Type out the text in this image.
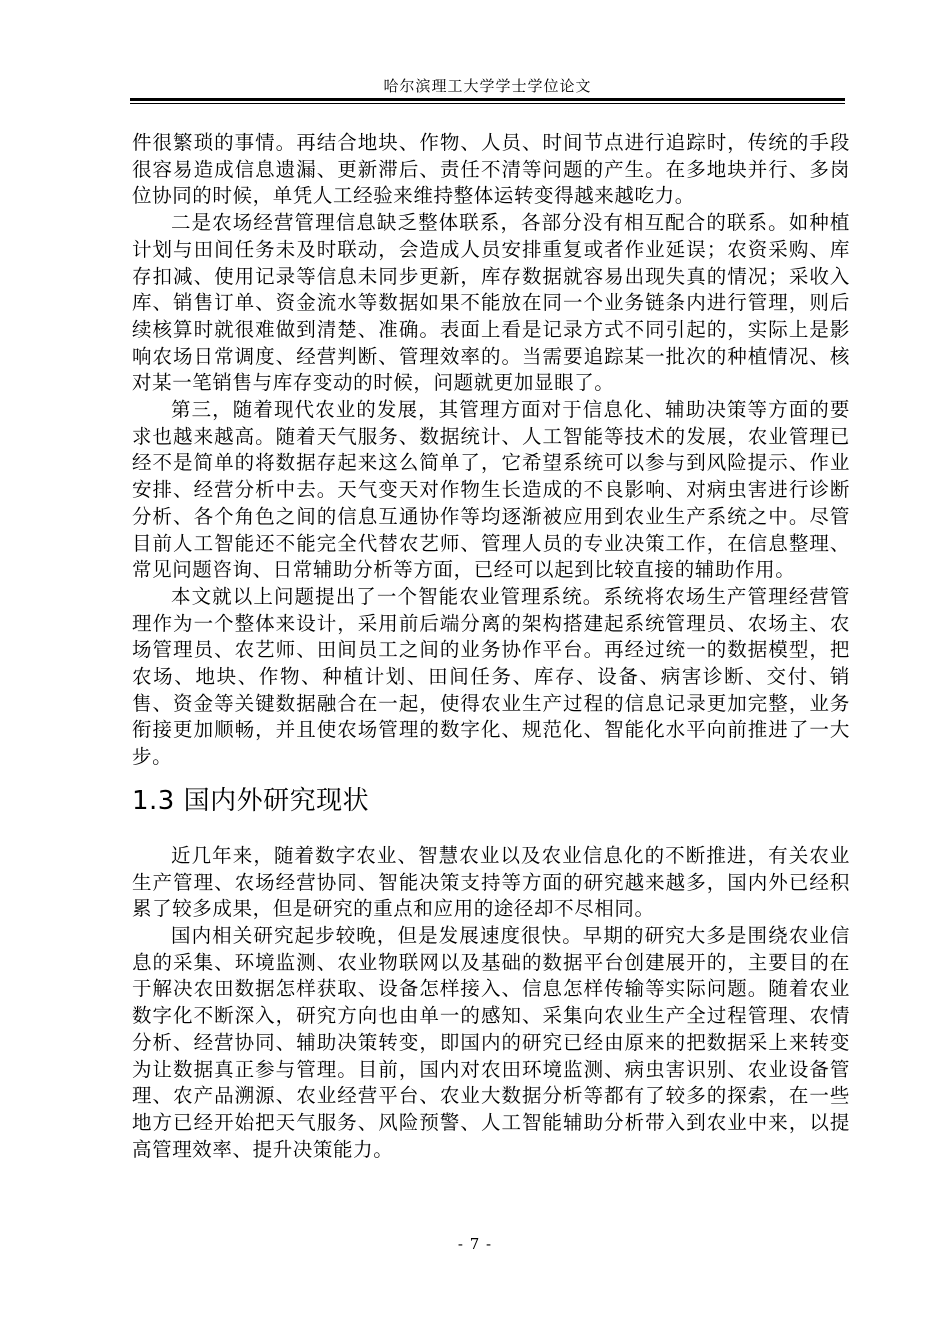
哈尔滨理工大学学士学位论文

件很繁琐的事情。再结合地块、作物、人员、时间节点进行追踪时，传统的手段很容易造成信息遗漏、更新滞后、责任不清等问题的产生。在多地块并行、多岗位协同的时候，单凭人工经验来维持整体运转变得越来越吃力。

二是农场经营管理信息缺乏整体联系，各部分没有相互配合的联系。如种植计划与田间任务未及时联动，会造成人员安排重复或者作业延误；农资采购、库存扣减、使用记录等信息未同步更新，库存数据就容易出现失真的情况；采收入库、销售订单、资金流水等数据如果不能放在同一个业务链条内进行管理，则后续核算时就很难做到清楚、准确。表面上看是记录方式不同引起的，实际上是影响农场日常调度、经营判断、管理效率的。当需要追踪某一批次的种植情况、核对某一笔销售与库存变动的时候，问题就更加显眼了。

第三，随着现代农业的发展，其管理方面对于信息化、辅助决策等方面的要求也越来越高。随着天气服务、数据统计、人工智能等技术的发展，农业管理已经不是简单的将数据存起来这么简单了，它希望系统可以参与到风险提示、作业安排、经营分析中去。天气变天对作物生长造成的不良影响、对病虫害进行诊断分析、各个角色之间的信息互通协作等均逐渐被应用到农业生产系统之中。尽管目前人工智能还不能完全代替农艺师、管理人员的专业决策工作，在信息整理、常见问题咨询、日常辅助分析等方面，已经可以起到比较直接的辅助作用。

本文就以上问题提出了一个智能农业管理系统。系统将农场生产管理经营管理作为一个整体来设计，采用前后端分离的架构搭建起系统管理员、农场主、农场管理员、农艺师、田间员工之间的业务协作平台。再经过统一的数据模型，把农场、地块、作物、种植计划、田间任务、库存、设备、病害诊断、交付、销售、资金等关键数据融合在一起，使得农业生产过程的信息记录更加完整，业务衔接更加顺畅，并且使农场管理的数字化、规范化、智能化水平向前推进了一大步。

1.3 国内外研究现状

近几年来，随着数字农业、智慧农业以及农业信息化的不断推进，有关农业生产管理、农场经营协同、智能决策支持等方面的研究越来越多，国内外已经积累了较多成果，但是研究的重点和应用的途径却不尽相同。

国内相关研究起步较晚，但是发展速度很快。早期的研究大多是围绕农业信息的采集、环境监测、农业物联网以及基础的数据平台创建展开的，主要目的在于解决农田数据怎样获取、设备怎样接入、信息怎样传输等实际问题。随着农业数字化不断深入，研究方向也由单一的感知、采集向农业生产全过程管理、农情分析、经营协同、辅助决策转变，即国内的研究已经由原来的把数据采上来转变为让数据真正参与管理。目前，国内对农田环境监测、病虫害识别、农业设备管理、农产品溯源、农业经营平台、农业大数据分析等都有了较多的探索，在一些地方已经开始把天气服务、风险预警、人工智能辅助分析带入到农业中来，以提高管理效率、提升决策能力。

- 7 -
